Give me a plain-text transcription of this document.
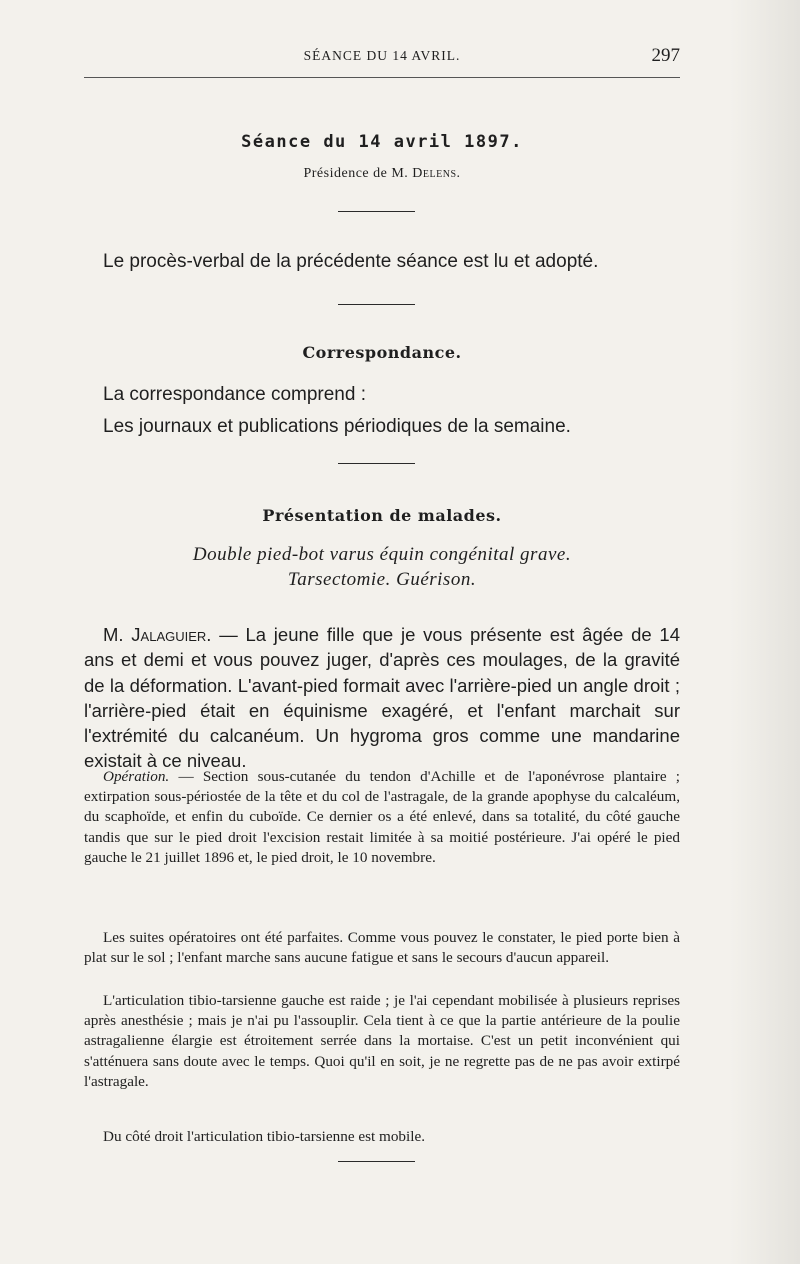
SÉANCE DU 14 AVRIL.	297
Séance du 14 avril 1897.
Présidence de M. Delens.
Le procès-verbal de la précédente séance est lu et adopté.
Correspondance.
La correspondance comprend :
Les journaux et publications périodiques de la semaine.
Présentation de malades.
Double pied-bot varus équin congénital grave.
Tarsectomie. Guérison.
M. Jalaguier. — La jeune fille que je vous présente est âgée de 14 ans et demi et vous pouvez juger, d'après ces moulages, de la gravité de la déformation. L'avant-pied formait avec l'arrière-pied un angle droit ; l'arrière-pied était en équinisme exagéré, et l'enfant marchait sur l'extrémité du calcanéum. Un hygroma gros comme une mandarine existait à ce niveau.
Opération. — Section sous-cutanée du tendon d'Achille et de l'aponévrose plantaire ; extirpation sous-périostée de la tête et du col de l'astragale, de la grande apophyse du calcaléum, du scaphoïde, et enfin du cuboïde. Ce dernier os a été enlevé, dans sa totalité, du côté gauche tandis que sur le pied droit l'excision restait limitée à sa moitié postérieure. J'ai opéré le pied gauche le 21 juillet 1896 et, le pied droit, le 10 novembre.
Les suites opératoires ont été parfaites. Comme vous pouvez le constater, le pied porte bien à plat sur le sol ; l'enfant marche sans aucune fatigue et sans le secours d'aucun appareil.
L'articulation tibio-tarsienne gauche est raide ; je l'ai cependant mobilisée à plusieurs reprises après anesthésie ; mais je n'ai pu l'assouplir. Cela tient à ce que la partie antérieure de la poulie astragalienne élargie est étroitement serrée dans la mortaise. C'est un petit inconvénient qui s'atténuera sans doute avec le temps. Quoi qu'il en soit, je ne regrette pas de ne pas avoir extirpé l'astragale.
Du côté droit l'articulation tibio-tarsienne est mobile.
